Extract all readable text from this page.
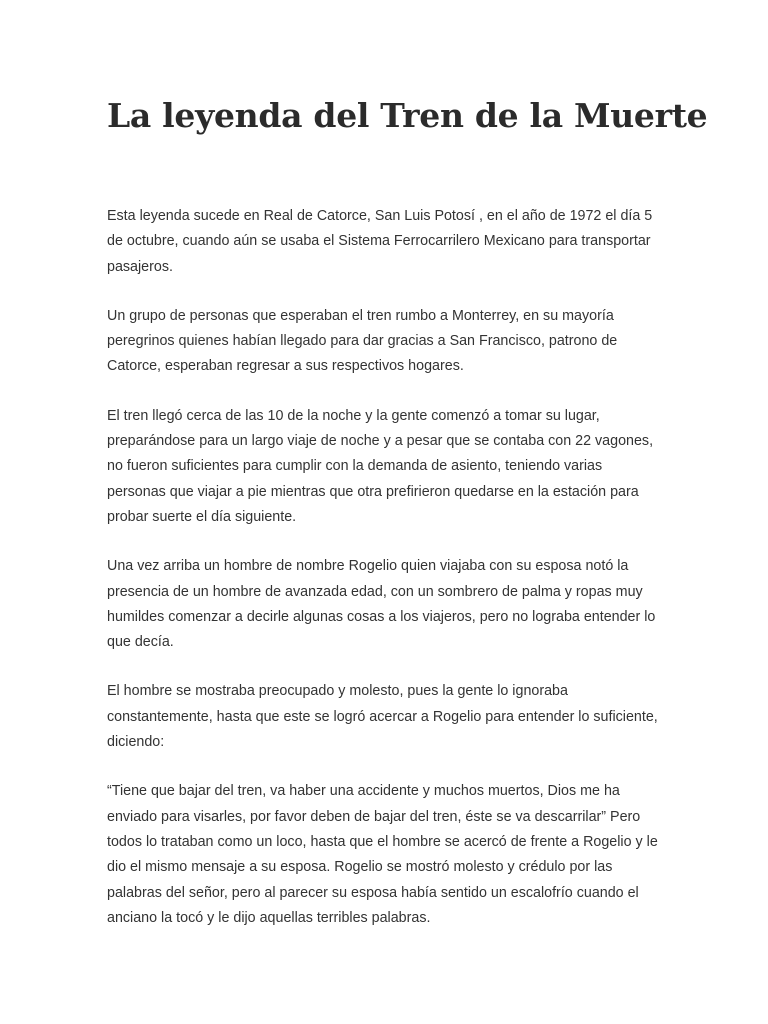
La leyenda del Tren de la Muerte

Esta leyenda sucede en Real de Catorce, San Luis Potosí , en el año de 1972 el día 5 de octubre, cuando aún se usaba el Sistema Ferrocarrilero Mexicano para transportar pasajeros.

Un grupo de personas que esperaban el tren rumbo a Monterrey, en su mayoría peregrinos quienes habían llegado para dar gracias a San Francisco, patrono de Catorce, esperaban regresar a sus respectivos hogares.

El tren llegó cerca de las 10 de la noche y la gente comenzó a tomar su lugar, preparándose para un largo viaje de noche y a pesar que se contaba con 22 vagones, no fueron suficientes para cumplir con la demanda de asiento, teniendo varias personas que viajar a pie mientras que otra prefirieron quedarse en la estación para probar suerte el día siguiente.

Una vez arriba un hombre de nombre Rogelio quien viajaba con su esposa notó la presencia de un hombre de avanzada edad, con un sombrero de palma y ropas muy humildes comenzar a decirle algunas cosas a los viajeros, pero no lograba entender lo que decía.

El hombre se mostraba preocupado y molesto, pues la gente lo ignoraba constantemente, hasta que este se logró acercar a Rogelio para entender lo suficiente, diciendo:

“Tiene que bajar del tren, va haber una accidente y muchos muertos, Dios me ha enviado para visarles, por favor deben de bajar del tren, éste se va descarrilar” Pero todos lo trataban como un loco, hasta que el hombre se acercó de frente a Rogelio y le dio el mismo mensaje a su esposa. Rogelio se mostró molesto y crédulo por las palabras del señor, pero al parecer su esposa había sentido un escalofrío cuando el anciano la tocó y le dijo aquellas terribles palabras.
